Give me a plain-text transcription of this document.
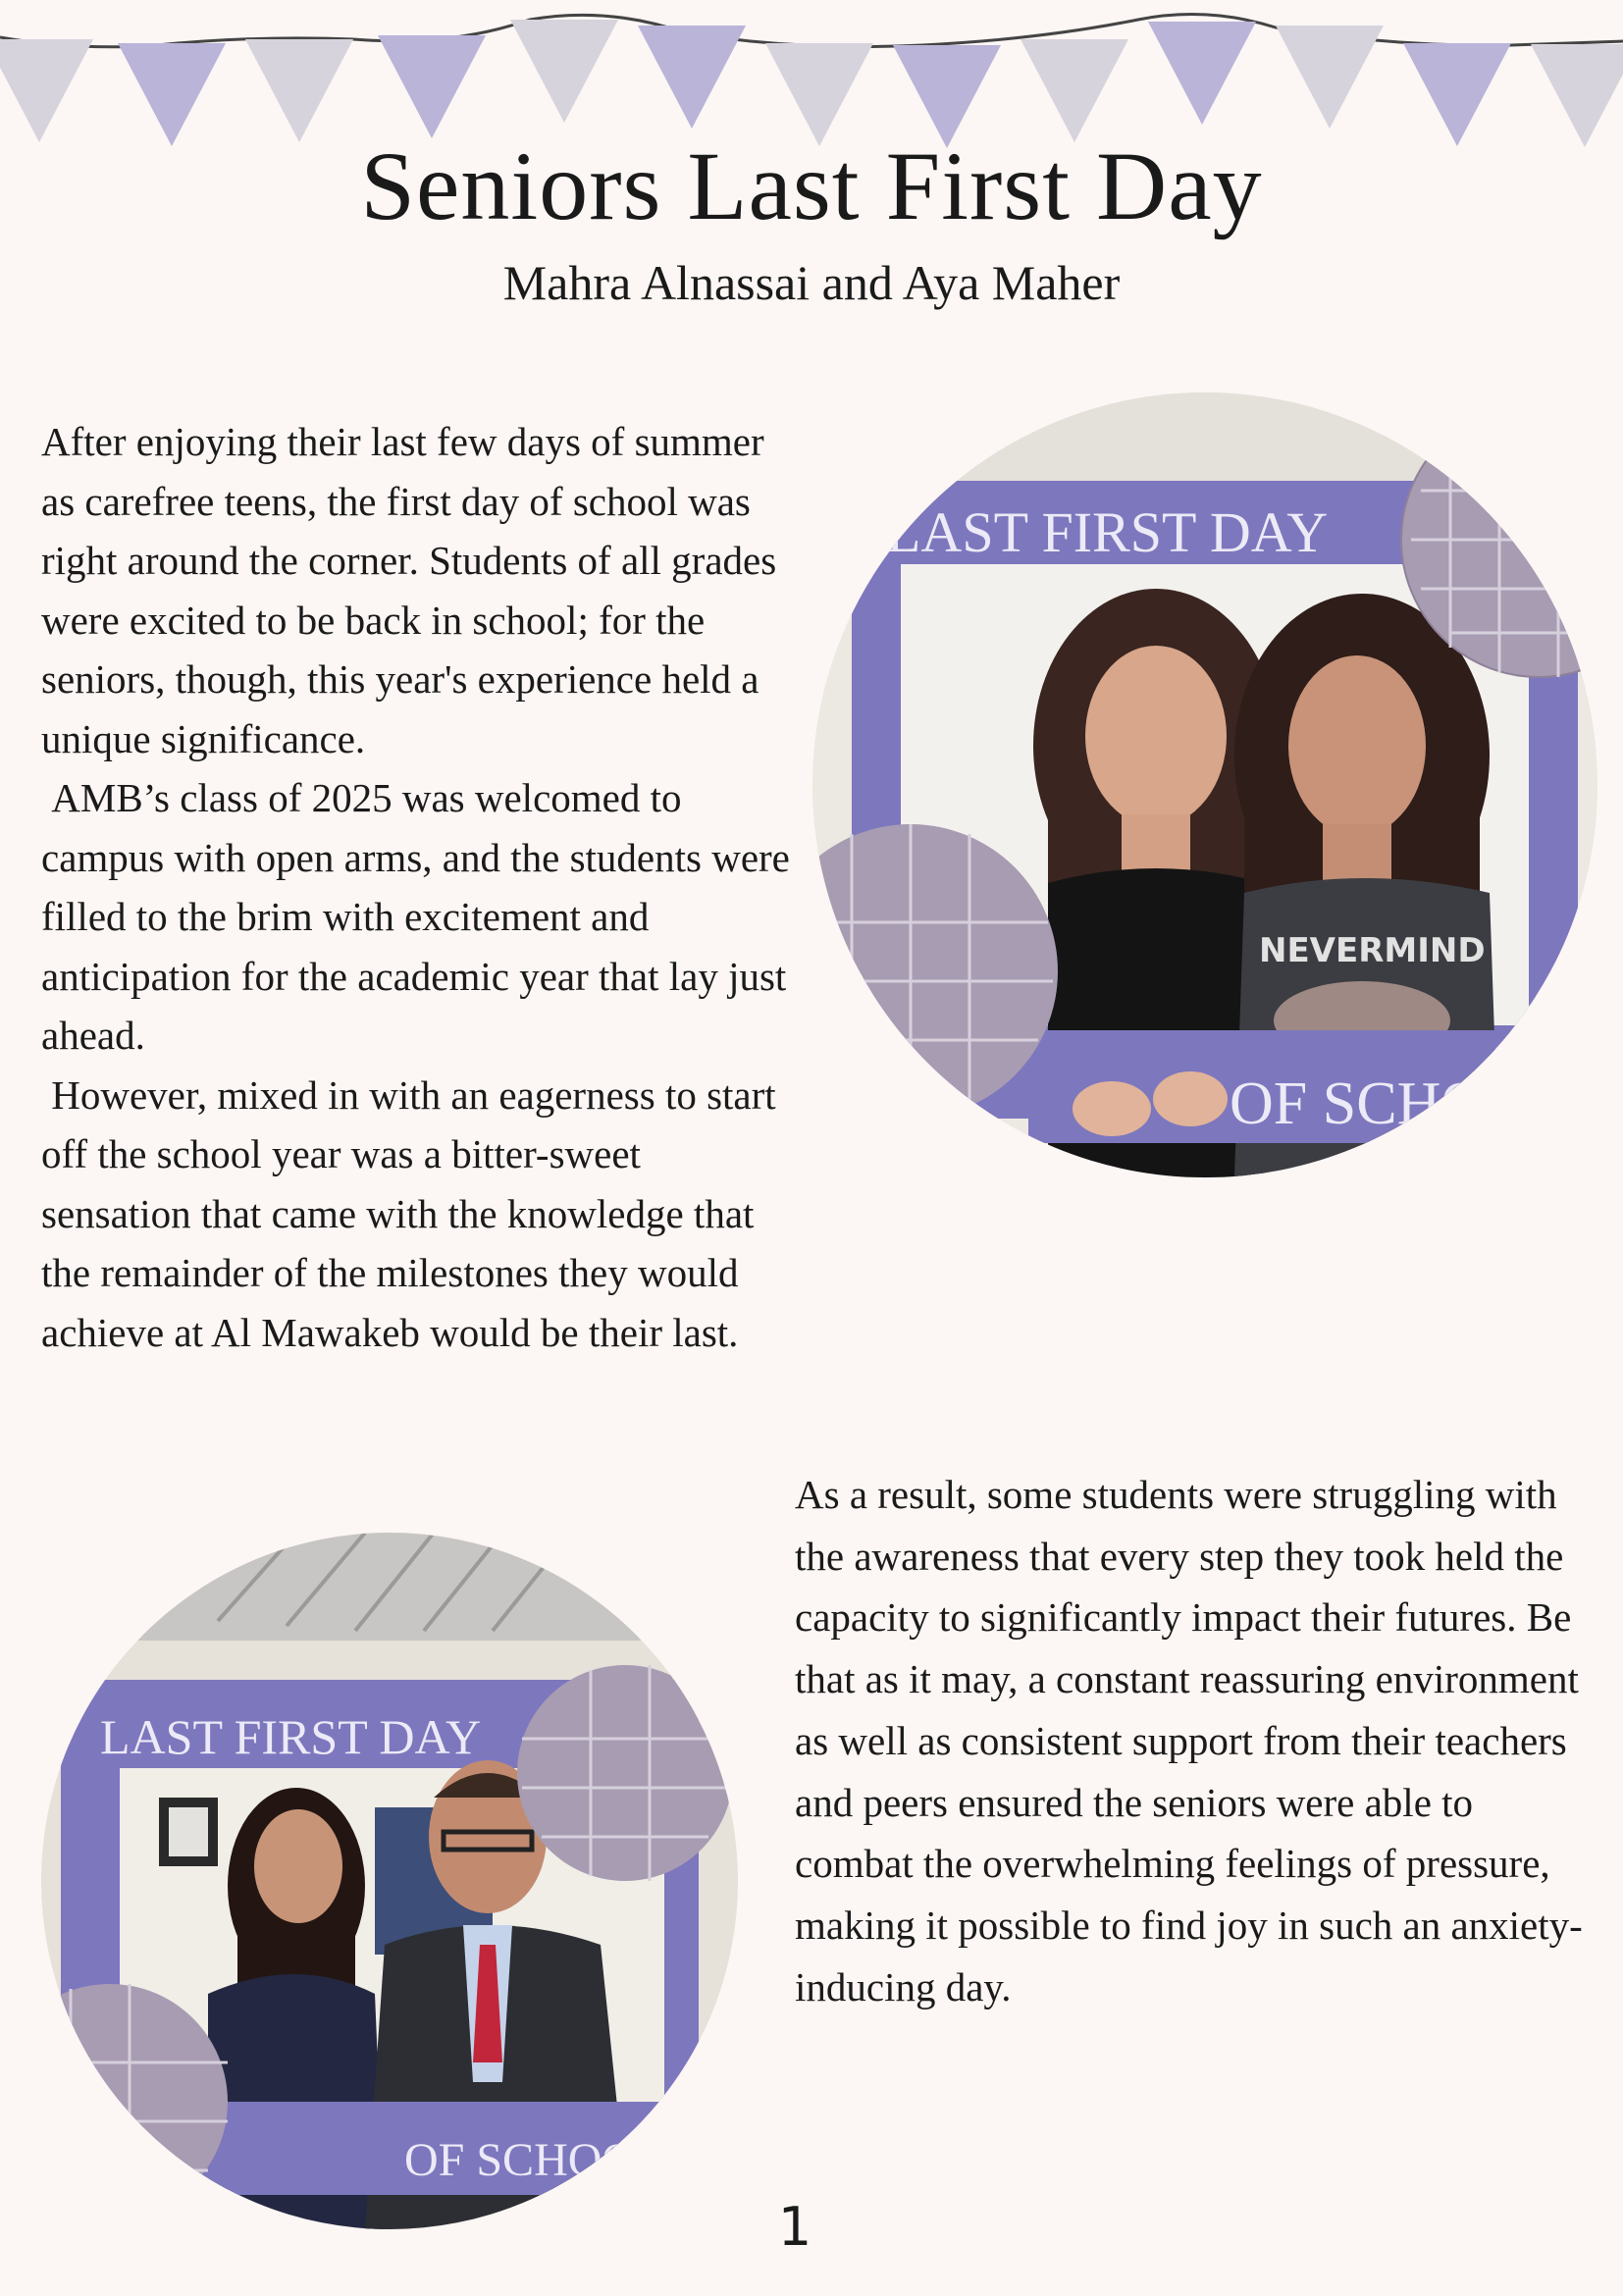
Seniors Last First Day
Mahra Alnassai and Aya Maher

After enjoying their last few days of summer as carefree teens, the first day of school was right around the corner. Students of all grades were excited to be back in school; for the seniors, though, this year's experience held a unique significance.

AMB’s class of 2025 was welcomed to campus with open arms, and the students were filled to the brim with excitement and anticipation for the academic year that lay just ahead.

However, mixed in with an eagerness to start off the school year was a bitter-sweet sensation that came with the knowledge that the remainder of the milestones they would achieve at Al Mawakeb would be their last.

As a result, some students were struggling with the awareness that every step they took held the capacity to significantly impact their futures. Be that as it may, a constant reassuring environment as well as consistent support from their teachers and peers ensured the seniors were able to combat the overwhelming feelings of pressure, making it possible to find joy in such an anxiety-inducing day.

LAST FIRST DAY
NEVERMIND
OF SCHO
LAST FIRST DAY
OF SCHOOL
1
